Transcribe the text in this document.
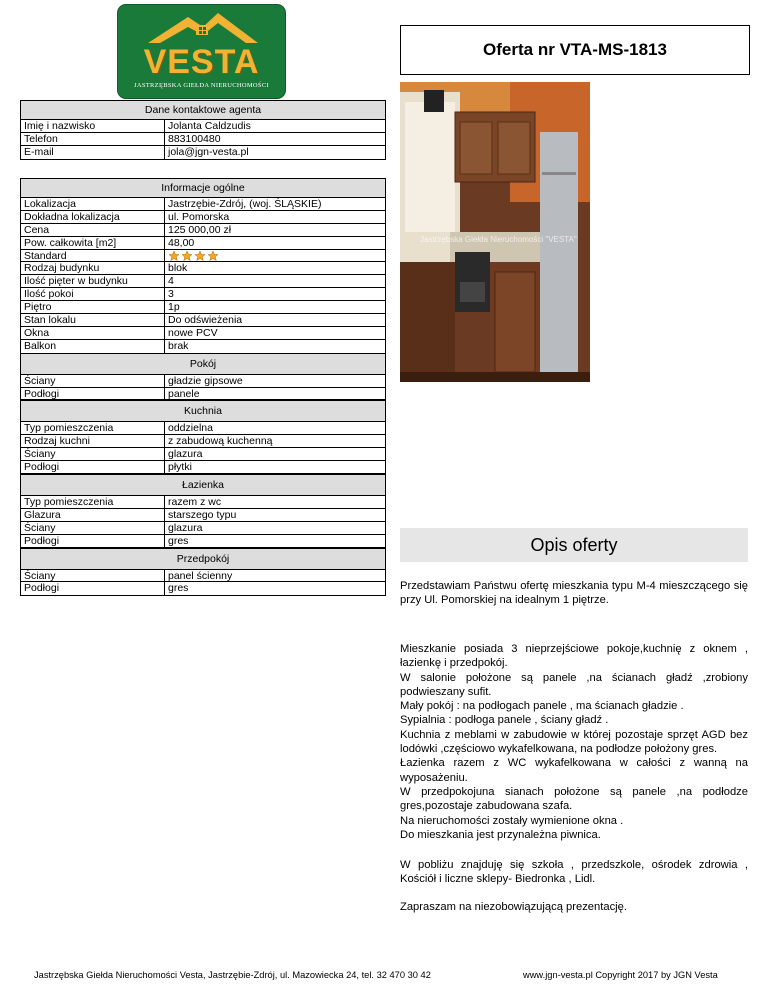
VESTA
JASTRZĘBSKA GIEŁDA NIERUCHOMOŚCI
Oferta nr VTA-MS-1813
Dane kontaktowe agenta
Imię i nazwisko	Jolanta Caldzudis
Telefon	883100480
E-mail	jola@jgn-vesta.pl
Informacje ogólne
Lokalizacja	Jastrzębie-Zdrój, (woj. ŚLĄSKIE)
Dokładna lokalizacja	ul. Pomorska
Cena	125 000,00 zł
Pow. całkowita [m2]	48,00
Standard
Rodzaj budynku	blok
Ilość pięter w budynku	4
Ilość pokoi	3
Piętro	1p
Stan lokalu	Do odświeżenia
Okna	nowe PCV
Balkon	brak
Pokój
Ściany	gładzie gipsowe
Podłogi	panele
Kuchnia
Typ pomieszczenia	oddzielna
Rodzaj kuchni	z zabudową kuchenną
Ściany	glazura
Podłogi	płytki
Łazienka
Typ pomieszczenia	razem z wc
Glazura	starszego typu
Ściany	glazura
Podłogi	gres
Przedpokój
Ściany	panel ścienny
Podłogi	gres
Jastrzębska Giełda Nieruchomości "VESTA"
Opis oferty
Przedstawiam Państwu ofertę mieszkania typu M-4 mieszczącego się przy Ul. Pomorskiej na idealnym 1 piętrze.
Mieszkanie posiada 3 nieprzejściowe pokoje,kuchnię z oknem , łazienkę i przedpokój.
W salonie położone są panele ,na ścianach gładź ,zrobiony podwieszany sufit.
Mały pokój : na podłogach panele , ma ścianach gładzie .
Sypialnia : podłoga panele , ściany gładź .
Kuchnia z meblami w zabudowie w której pozostaje sprzęt AGD bez lodówki ,częściowo wykafelkowana, na podłodze położony gres.
Łazienka razem z WC wykafelkowana w całości z wanną na wyposażeniu.
W przedpokojuna sianach położone są panele ,na podłodze gres,pozostaje zabudowana szafa.
Na nieruchomości zostały wymienione okna .
Do mieszkania jest przynależna piwnica.
W pobliżu znajduję się szkoła , przedszkole, ośrodek zdrowia , Kościół i liczne sklepy- Biedronka , Lidl.
Zapraszam na niezobowiązującą prezentację.
Jastrzębska Giełda Nieruchomości Vesta, Jastrzębie-Zdrój, ul. Mazowiecka 24, tel. 32 470 30 42	www.jgn-vesta.pl Copyright 2017 by JGN Vesta
